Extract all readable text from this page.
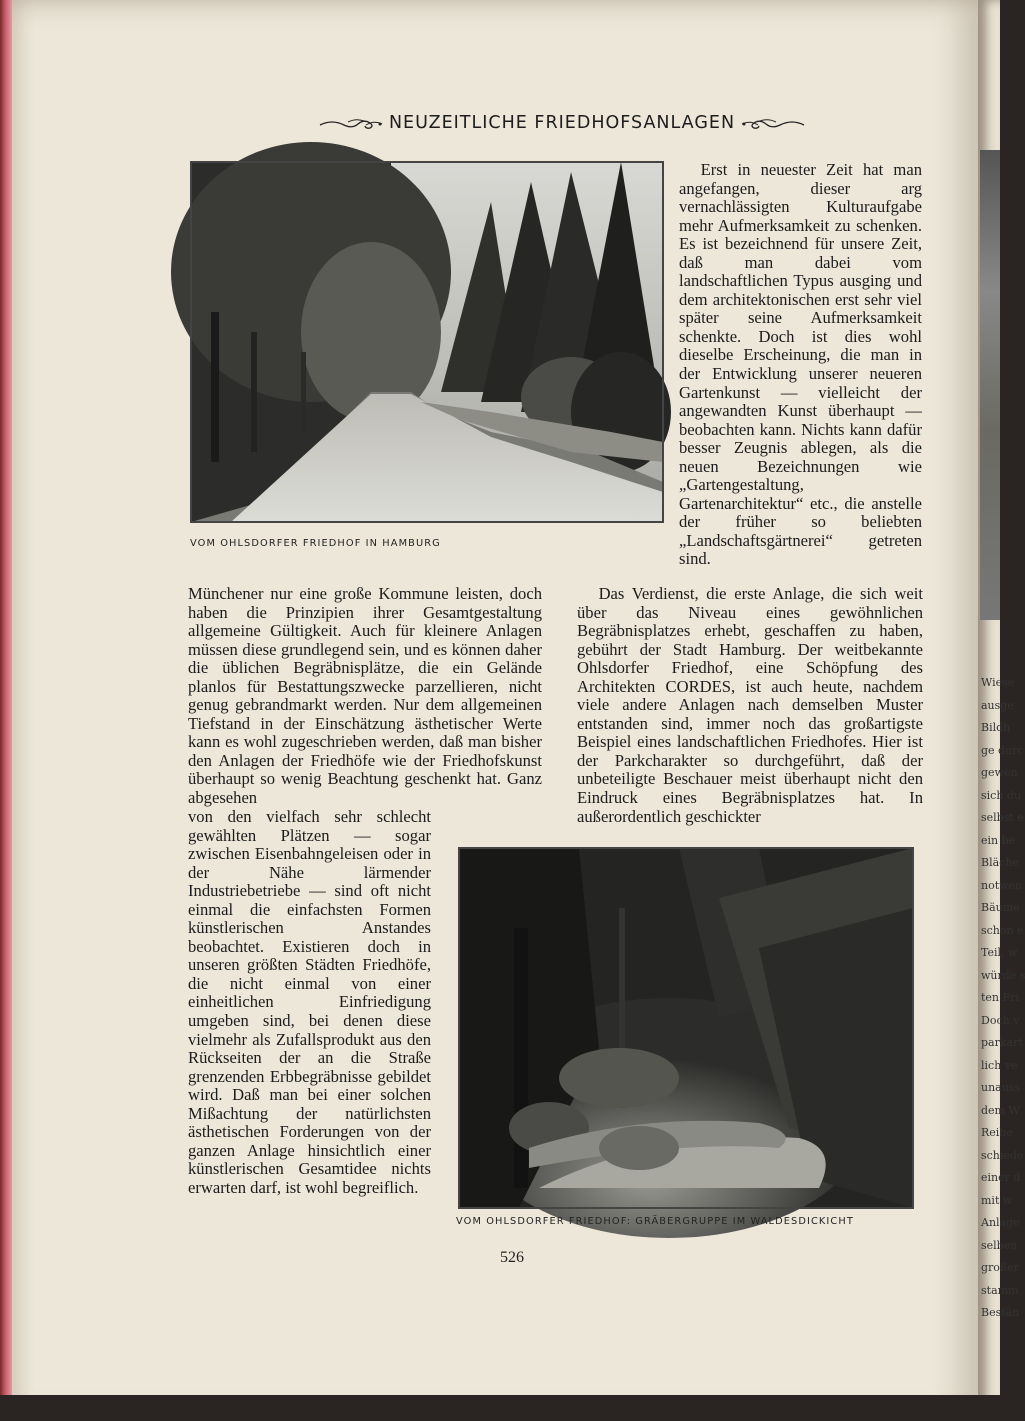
NEUZEITLICHE FRIEDHOFSANLAGEN
VOM OHLSDORFER FRIEDHOF IN HAMBURG

Erst in neuester Zeit hat man angefangen, dieser arg vernachlässigten Kulturaufgabe mehr Aufmerksamkeit zu schenken. Es ist bezeichnend für unsere Zeit, daß man dabei vom landschaftlichen Typus ausging und dem architektonischen erst sehr viel später seine Aufmerksamkeit schenkte. Doch ist dies wohl dieselbe Erscheinung, die man in der Entwicklung unserer neueren Gartenkunst — vielleicht der angewandten Kunst überhaupt — beobachten kann. Nichts kann dafür besser Zeugnis ablegen, als die neuen Bezeichnungen wie „Gartengestaltung, Gartenarchitektur“ etc., die anstelle der früher so beliebten „Landschaftsgärtnerei“ getreten sind.

Münchener nur eine große Kommune leisten, doch haben die Prinzipien ihrer Gesamtgestaltung allgemeine Gültigkeit. Auch für kleinere Anlagen müssen diese grundlegend sein, und es können daher die üblichen Begräbnisplätze, die ein Gelände planlos für Bestattungszwecke parzellieren, nicht genug gebrandmarkt werden. Nur dem allgemeinen Tiefstand in der Einschätzung ästhetischer Werte kann es wohl zugeschrieben werden, daß man bisher den Anlagen der Friedhöfe wie der Friedhofskunst überhaupt so wenig Beachtung geschenkt hat. Ganz abgesehen

Das Verdienst, die erste Anlage, die sich weit über das Niveau eines gewöhnlichen Begräbnisplatzes erhebt, geschaffen zu haben, gebührt der Stadt Hamburg. Der weitbekannte Ohlsdorfer Friedhof, eine Schöpfung des Architekten CORDES, ist auch heute, nachdem viele andere Anlagen nach demselben Muster entstanden sind, immer noch das großartigste Beispiel eines landschaftlichen Friedhofes. Hier ist der Parkcharakter so durchgeführt, daß der unbeteiligte Beschauer meist überhaupt nicht den Eindruck eines Begräbnisplatzes hat. In außerordentlich geschickter

von den vielfach sehr schlecht gewählten Plätzen — sogar zwischen Eisenbahngeleisen oder in der Nähe lärmender Industriebetriebe — sind oft nicht einmal die einfachsten Formen künstlerischen Anstandes beobachtet. Existieren doch in unseren größten Städten Friedhöfe, die nicht einmal von einer einheitlichen Einfriedigung umgeben sind, bei denen diese vielmehr als Zufallsprodukt aus den Rückseiten der an die Straße grenzenden Erbbegräbnisse gebildet wird. Daß man bei einer solchen Mißachtung der natürlichsten ästhetischen Forderungen von der ganzen Anlage hinsichtlich einer künstlerischen Gesamtidee nichts erwarten darf, ist wohl begreiflich.

VOM OHLSDORFER FRIEDHOF: GRÄBERGRUPPE IM WALDESDICKICHT
526
Wiese
ausge
Bildh
ge durc
gewen
sich du
selbst e
ein be
Bläche
notwen
Bäume
schon e
Teil, w
würde s
ten Fri
Doch v
parkart
lich ve
unauss
dem W
Reihe
schiede
einer d
mit w
Anlage
selben
großer
stamm
Bestän
